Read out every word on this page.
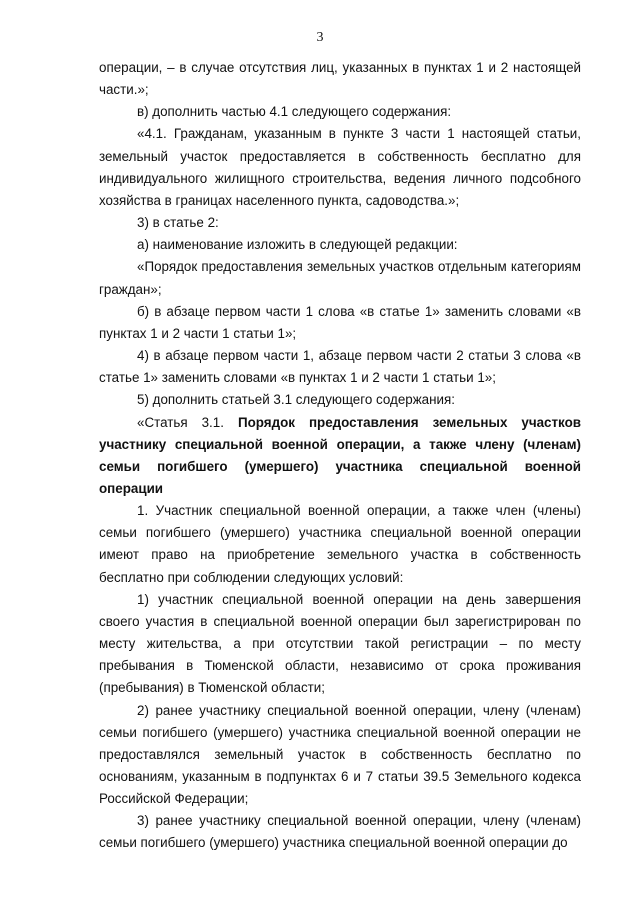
3

операции, – в случае отсутствия лиц, указанных в пунктах 1 и 2 настоящей части.»;

в) дополнить частью 4.1 следующего содержания:

«4.1. Гражданам, указанным в пункте 3 части 1 настоящей статьи, земельный участок предоставляется в собственность бесплатно для индивидуального жилищного строительства, ведения личного подсобного хозяйства в границах населенного пункта, садоводства.»;

3) в статье 2:

а) наименование изложить в следующей редакции:

«Порядок предоставления земельных участков отдельным категориям граждан»;

б) в абзаце первом части 1 слова «в статье 1» заменить словами «в пунктах 1 и 2 части 1 статьи 1»;

4) в абзаце первом части 1, абзаце первом части 2 статьи 3 слова «в статье 1» заменить словами «в пунктах 1 и 2 части 1 статьи 1»;

5) дополнить статьей 3.1 следующего содержания:

«Статья 3.1. Порядок предоставления земельных участков участнику специальной военной операции, а также члену (членам) семьи погибшего (умершего) участника специальной военной операции

1. Участник специальной военной операции, а также член (члены) семьи погибшего (умершего) участника специальной военной операции имеют право на приобретение земельного участка в собственность бесплатно при соблюдении следующих условий:

1) участник специальной военной операции на день завершения своего участия в специальной военной операции был зарегистрирован по месту жительства, а при отсутствии такой регистрации – по месту пребывания в Тюменской области, независимо от срока проживания (пребывания) в Тюменской области;

2) ранее участнику специальной военной операции, члену (членам) семьи погибшего (умершего) участника специальной военной операции не предоставлялся земельный участок в собственность бесплатно по основаниям, указанным в подпунктах 6 и 7 статьи 39.5 Земельного кодекса Российской Федерации;

3) ранее участнику специальной военной операции, члену (членам) семьи погибшего (умершего) участника специальной военной операции до
